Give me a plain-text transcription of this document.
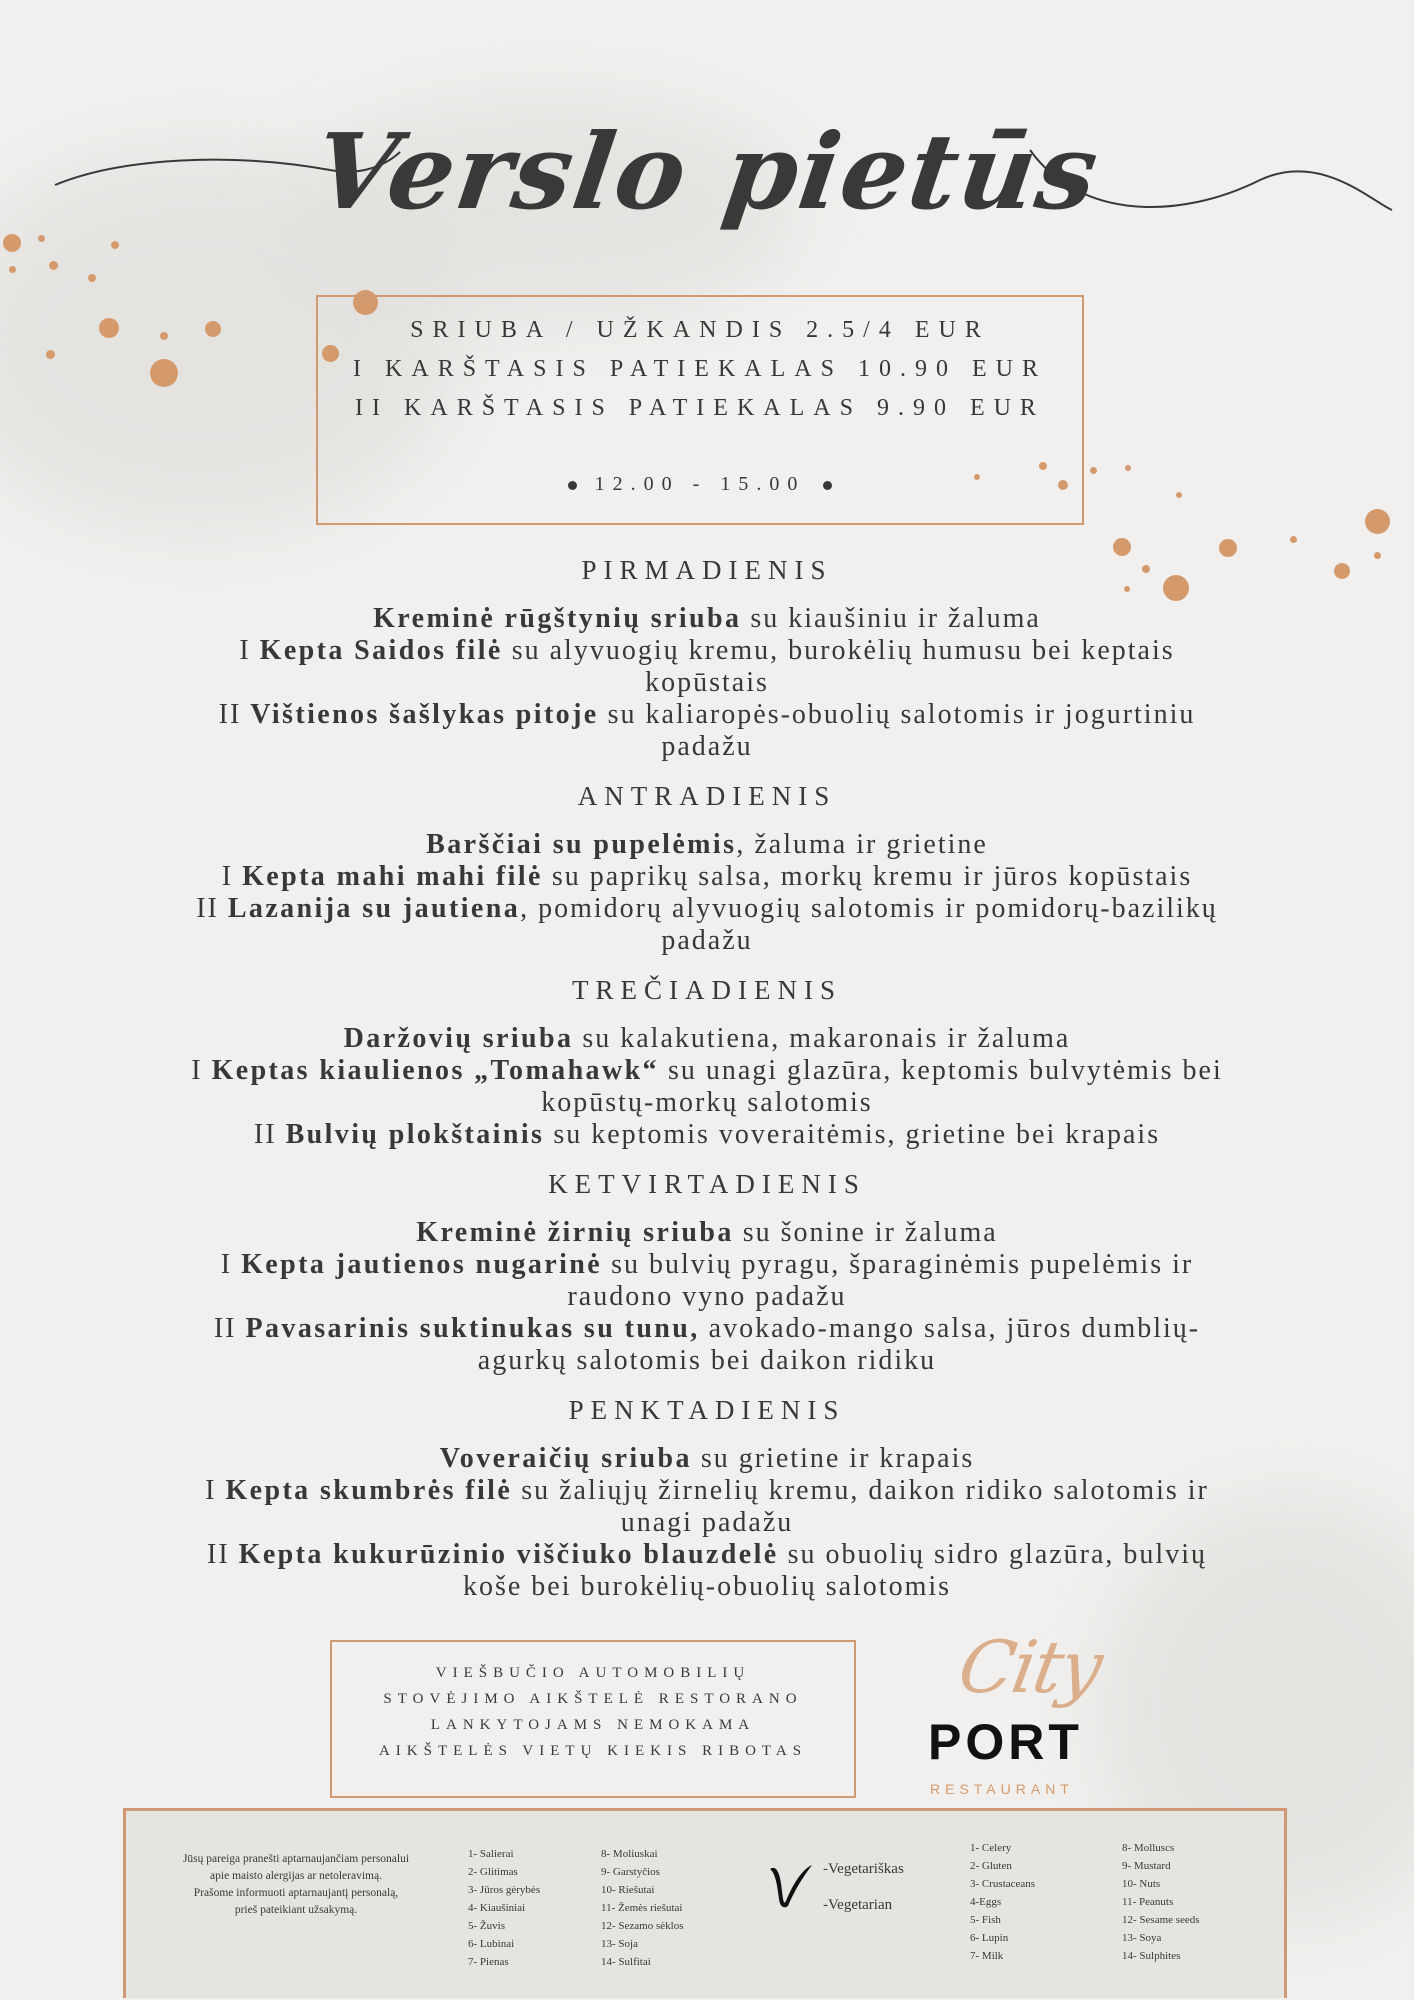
Verslo pietūs
SRIUBA / UŽKANDIS 2.5/4 EUR
I KARŠTASIS PATIEKALAS 10.90 EUR
II KARŠTASIS PATIEKALAS 9.90 EUR
12.00 - 15.00
PIRMADIENIS

Kreminė rūgštynių sriuba su kiaušiniu ir žaluma

I Kepta Saidos filė su alyvuogių kremu, burokėlių humusu bei keptais

kopūstais

II Vištienos šašlykas pitoje su kaliaropės-obuolių salotomis ir jogurtiniu

padažu

ANTRADIENIS

Barščiai su pupelėmis, žaluma ir grietine

I Kepta mahi mahi filė su paprikų salsa, morkų kremu ir jūros kopūstais

II Lazanija su jautiena, pomidorų alyvuogių salotomis ir pomidorų-bazilikų

padažu

TREČIADIENIS

Daržovių sriuba su kalakutiena, makaronais ir žaluma

I Keptas kiaulienos „Tomahawk“ su unagi glazūra, keptomis bulvytėmis bei

kopūstų-morkų salotomis

II Bulvių plokštainis su keptomis voveraitėmis, grietine bei krapais

KETVIRTADIENIS

Kreminė žirnių sriuba su šonine ir žaluma

I Kepta jautienos nugarinė su bulvių pyragu, šparaginėmis pupelėmis ir

raudono vyno padažu

II Pavasarinis suktinukas su tunu, avokado-mango salsa, jūros dumblių-

agurkų salotomis bei daikon ridiku

PENKTADIENIS

Voveraičių sriuba su grietine ir krapais

I Kepta skumbrės filė su žaliųjų žirnelių kremu, daikon ridiko salotomis ir

unagi padažu

II Kepta kukurūzinio viščiuko blauzdelė su obuolių sidro glazūra, bulvių

koše bei burokėlių-obuolių salotomis

VIEŠBUČIO AUTOMOBILIŲ
STOVĖJIMO AIKŠTELĖ RESTORANO
LANKYTOJAMS NEMOKAMA
AIKŠTELĖS VIETŲ KIEKIS RIBOTAS
City
PORT
RESTAURANT
Jūsų pareiga pranešti aptarnaujančiam personalui
apie maisto alergijas ar netoleravimą.
Prašome informuoti aptarnaujantį personalą,
prieš pateikiant užsakymą.
1- Salierai
2- Glitimas
3- Jūros gėrybės
4- Kiaušiniai
5- Žuvis
6- Lubinai
7- Pienas
8- Moliuskai
9- Garstyčios
10- Riešutai
11- Žemės riešutai
12- Sezamo sėklos
13- Soja
14- Sulfitai
-Vegetariškas
-Vegetarian
1- Celery
2- Gluten
3- Crustaceans
4-Eggs
5- Fish
6- Lupin
7- Milk
8- Molluscs
9- Mustard
10- Nuts
11- Peanuts
12- Sesame seeds
13- Soya
14- Sulphites
